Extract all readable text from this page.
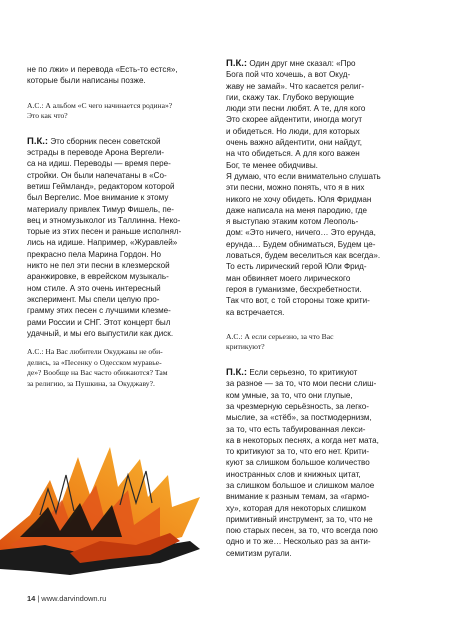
не по лжи» и перевода «Есть-то естся»,

которые были написаны позже.

А.С.: А альбом «С чего начинается родина»?

Это как что?

П.К.: Это сборник песен советской

эстрады в переводе Арона Вергели-

са на идиш. Переводы — время пере-

стройки. Он были напечатаны в «Со-

ветиш Геймланд», редактором которой

был Вергелис. Мое внимание к этому

материалу привлек Тимур Фишель, пе-

вец и этномузыколог из Таллинна. Неко-

торые из этих песен и раньше исполнял-

лись на идише. Например, «Журавлей»

прекрасно пела Марина Гордон. Но

никто не пел эти песни в клезмерской

аранжировке, в еврейском музыкаль-

ном стиле. А это очень интересный

эксперимент. Мы спели целую про-

грамму этих песен с лучшими клезме-

рами России и СНГ. Этот концерт был

удачный, и мы его выпустили как диск.

А.С.: На Вас любители Окуджавы не оби-

делись, за «Песенку о Одесском муравье-

де»? Вообще на Вас часто обижаются? Там

за религию, за Пушкина, за Окуджаву?.

П.К.: Один друг мне сказал: «Про

Бога пой что хочешь, а вот Окуд-

жаву не замай». Что касается религ-

гии, скажу так. Глубоко верующие

люди эти песни любят. А те, для кого

Это скорее айдентити, иногда могут

и обидеться. Но люди, для которых

очень важно айдентити, они найдут,

на что обидеться. А для кого важен

Бог, те менее обидчивы.

Я думаю, что если внимательно слушать

эти песни, можно понять, что я в них

никого не хочу обидеть. Юля Фридман

даже написала на меня пародию, где

я выступаю этаким котом Леополь-

дом: «Это ничего, ничего… Это ерунда,

ерунда… Будем обниматься, Будем це-

ловаться, будем веселиться как всегда».

То есть лирический герой Юли Фрид-

ман обвиняет моего лирического

героя в гуманизме, бесхребетности.

Так что вот, с той стороны тоже крити-

ка встречается.

А.С.: А если серьезно, за что Вас

критикуют?

П.К.: Если серьезно, то критикуют

за разное — за то, что мои песни слиш-

ком умные, за то, что они глупые,

за чрезмерную серьёзность, за легко-

мыслие, за «стёб», за постмодернизм,

за то, что есть табуированная лекси-

ка в некоторых песнях, а когда нет мата,

то критикуют за то, что его нет. Крити-

куют за слишком большое количество

иностранных слов и книжных цитат,

за слишком большое и слишком малое

внимание к разным темам, за «гармо-

ху», которая для некоторых слишком

примитивный инструмент, за то, что не

пою старых песен, за то, что всегда пою

одно и то же… Несколько раз за анти-

семитизм ругали.

14 | www.darvindown.ru
